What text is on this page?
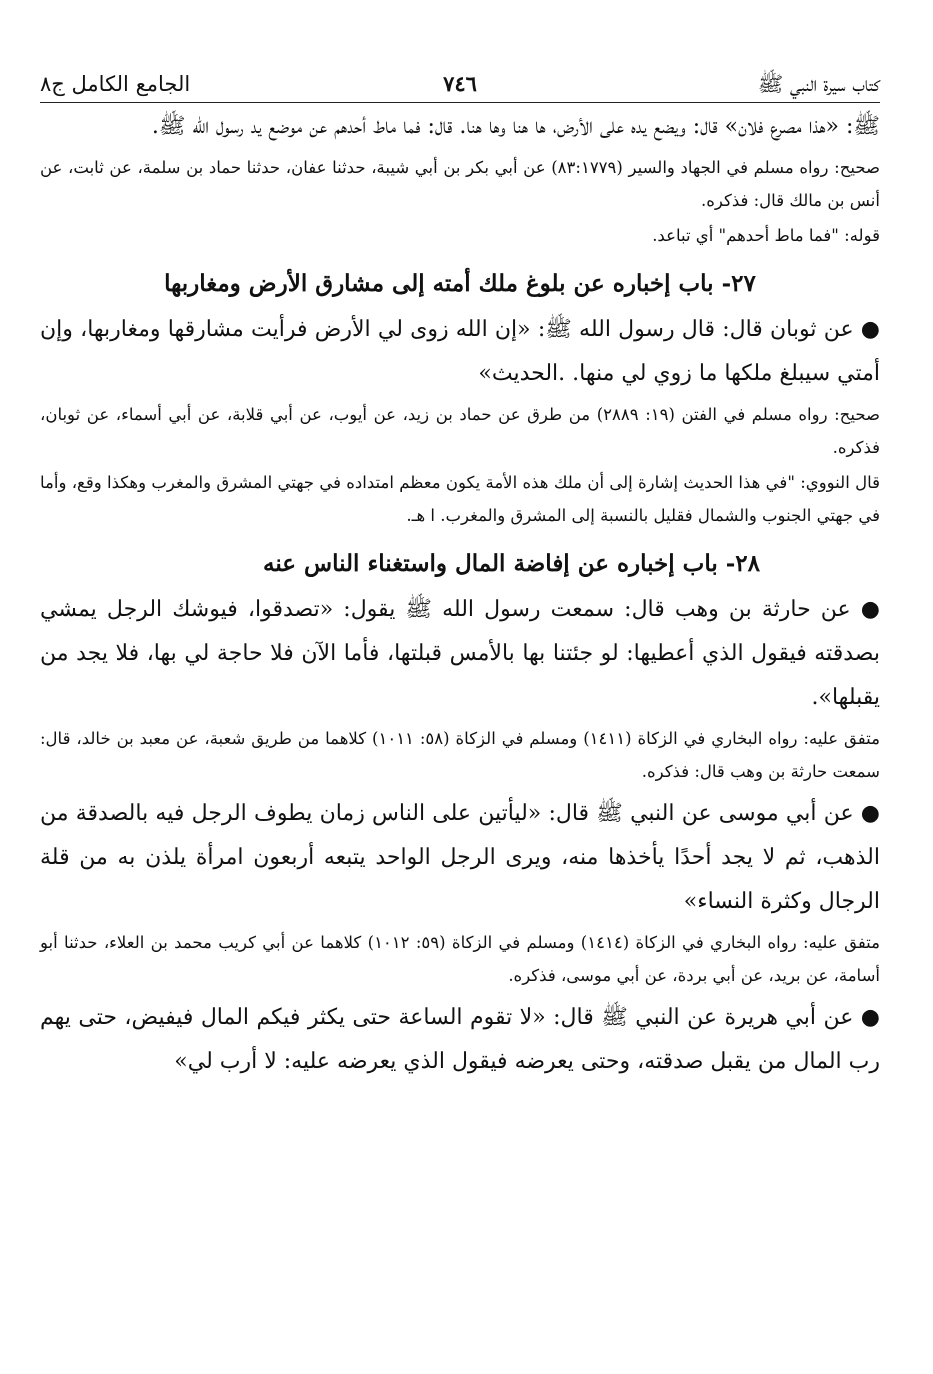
كتاب سيرة النبي ﷺ
٧٤٦
الجامع الكامل ج٨

ﷺ: «هذا مصرع فلان» قال: ويضع يده على الأرض، ها هنا وها هنا. قال: فما ماط أحدهم عن موضع يد رسول الله ﷺ.

صحيح: رواه مسلم في الجهاد والسير (٨٣:١٧٧٩) عن أبي بكر بن أبي شيبة، حدثنا عفان، حدثنا حماد بن سلمة، عن ثابت، عن أنس بن مالك قال: فذكره.

قوله: "فما ماط أحدهم" أي تباعد.

٢٧- باب إخباره عن بلوغ ملك أمته إلى مشارق الأرض ومغاربها

● عن ثوبان قال: قال رسول الله ﷺ: «إن الله زوى لي الأرض فرأيت مشارقها ومغاربها، وإن أمتي سيبلغ ملكها ما زوي لي منها. .الحديث»

صحيح: رواه مسلم في الفتن (١٩: ٢٨٨٩) من طرق عن حماد بن زيد، عن أيوب، عن أبي قلابة، عن أبي أسماء، عن ثوبان، فذكره.

قال النووي: "في هذا الحديث إشارة إلى أن ملك هذه الأمة يكون معظم امتداده في جهتي المشرق والمغرب وهكذا وقع، وأما في جهتي الجنوب والشمال فقليل بالنسبة إلى المشرق والمغرب. ا هـ.

٢٨- باب إخباره عن إفاضة المال واستغناء الناس عنه

● عن حارثة بن وهب قال: سمعت رسول الله ﷺ يقول: «تصدقوا، فيوشك الرجل يمشي بصدقته فيقول الذي أعطيها: لو جئتنا بها بالأمس قبلتها، فأما الآن فلا حاجة لي بها، فلا يجد من يقبلها».

متفق عليه: رواه البخاري في الزكاة (١٤١١) ومسلم في الزكاة (٥٨: ١٠١١) كلاهما من طريق شعبة، عن معبد بن خالد، قال: سمعت حارثة بن وهب قال: فذكره.

● عن أبي موسى عن النبي ﷺ قال: «ليأتين على الناس زمان يطوف الرجل فيه بالصدقة من الذهب، ثم لا يجد أحدًا يأخذها منه، ويرى الرجل الواحد يتبعه أربعون امرأة يلذن به من قلة الرجال وكثرة النساء»

متفق عليه: رواه البخاري في الزكاة (١٤١٤) ومسلم في الزكاة (٥٩: ١٠١٢) كلاهما عن أبي كريب محمد بن العلاء، حدثنا أبو أسامة، عن بريد، عن أبي بردة، عن أبي موسى، فذكره.

● عن أبي هريرة عن النبي ﷺ قال: «لا تقوم الساعة حتى يكثر فيكم المال فيفيض، حتى يهم رب المال من يقبل صدقته، وحتى يعرضه فيقول الذي يعرضه عليه: لا أرب لي»
